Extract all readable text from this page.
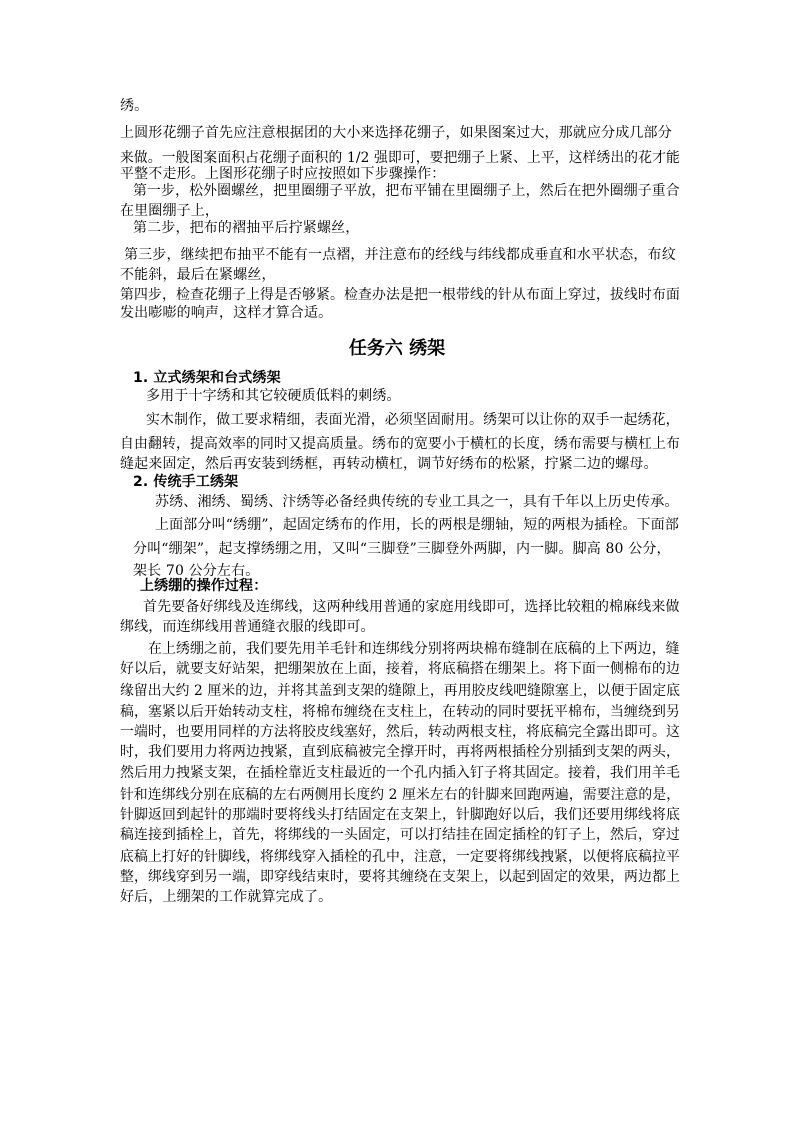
绣。
上圆形花绷子首先应注意根据团的大小来选择花绷子，如果图案过大，那就应分成几部分
来做。一般图案面积占花绷子面积的 1/2 强即可，要把绷子上紧、上平，这样绣出的花才能
平整不走形。上图形花绷子时应按照如下步骤操作：
第一步，松外圈螺丝，把里圈绷子平放，把布平铺在里圈绷子上，然后在把外圈绷子重合
在里圈绷子上，
第二步，把布的褶抽平后拧紧螺丝，
第三步，继续把布抽平不能有一点褶，并注意布的经线与纬线都成垂直和水平状态，布纹
不能斜，最后在紧螺丝，
第四步，检查花绷子上得是否够紧。检查办法是把一根带线的针从布面上穿过，拔线时布面
发出嘭嘭的响声，这样才算合适。
任务六 绣架
1. 立式绣架和台式绣架
多用于十字绣和其它较硬质低料的刺绣。
实木制作，做工要求精细，表面光滑，必须坚固耐用。绣架可以让你的双手一起绣花，
自由翻转，提高效率的同时又提高质量。绣布的宽要小于横杠的长度，绣布需要与横杠上布
缝起来固定，然后再安装到绣框，再转动横杠，调节好绣布的松紧，拧紧二边的螺母。
2. 传统手工绣架
苏绣、湘绣、蜀绣、汴绣等必备经典传统的专业工具之一，具有千年以上历史传承。
上面部分叫“绣绷”，起固定绣布的作用，长的两根是绷轴，短的两根为插栓。下面部
分叫“绷架”，起支撑绣绷之用，又叫“三脚登”三脚登外两脚，内一脚。脚高 80 公分，
架长 70 公分左右。
上绣绷的操作过程：
首先要备好绑线及连绑线，这两种线用普通的家庭用线即可，选择比较粗的棉麻线来做
绑线，而连绑线用普通缝衣服的线即可。
在上绣绷之前，我们要先用羊毛针和连绑线分别将两块棉布缝制在底稿的上下两边，缝
好以后，就要支好站架，把绷架放在上面，接着，将底稿搭在绷架上。将下面一侧棉布的边
缘留出大约 2 厘米的边，并将其盖到支架的缝隙上，再用胶皮线吧缝隙塞上，以便于固定底
稿，塞紧以后开始转动支柱，将棉布缠绕在支柱上，在转动的同时要抚平棉布，当缠绕到另
一端时，也要用同样的方法将胶皮线塞好，然后，转动两根支柱，将底稿完全露出即可。这
时，我们要用力将两边拽紧，直到底稿被完全撑开时，再将两根插栓分别插到支架的两头，
然后用力拽紧支架，在插栓靠近支柱最近的一个孔内插入钉子将其固定。接着，我们用羊毛
针和连绑线分别在底稿的左右两侧用长度约 2 厘米左右的针脚来回跑两遍，需要注意的是，
针脚返回到起针的那端时要将线头打结固定在支架上，针脚跑好以后，我们还要用绑线将底
稿连接到插栓上，首先，将绑线的一头固定，可以打结挂在固定插栓的钉子上，然后，穿过
底稿上打好的针脚线，将绑线穿入插栓的孔中，注意，一定要将绑线拽紧，以便将底稿拉平
整，绑线穿到另一端，即穿线结束时，要将其缠绕在支架上，以起到固定的效果，两边都上
好后，上绷架的工作就算完成了。
